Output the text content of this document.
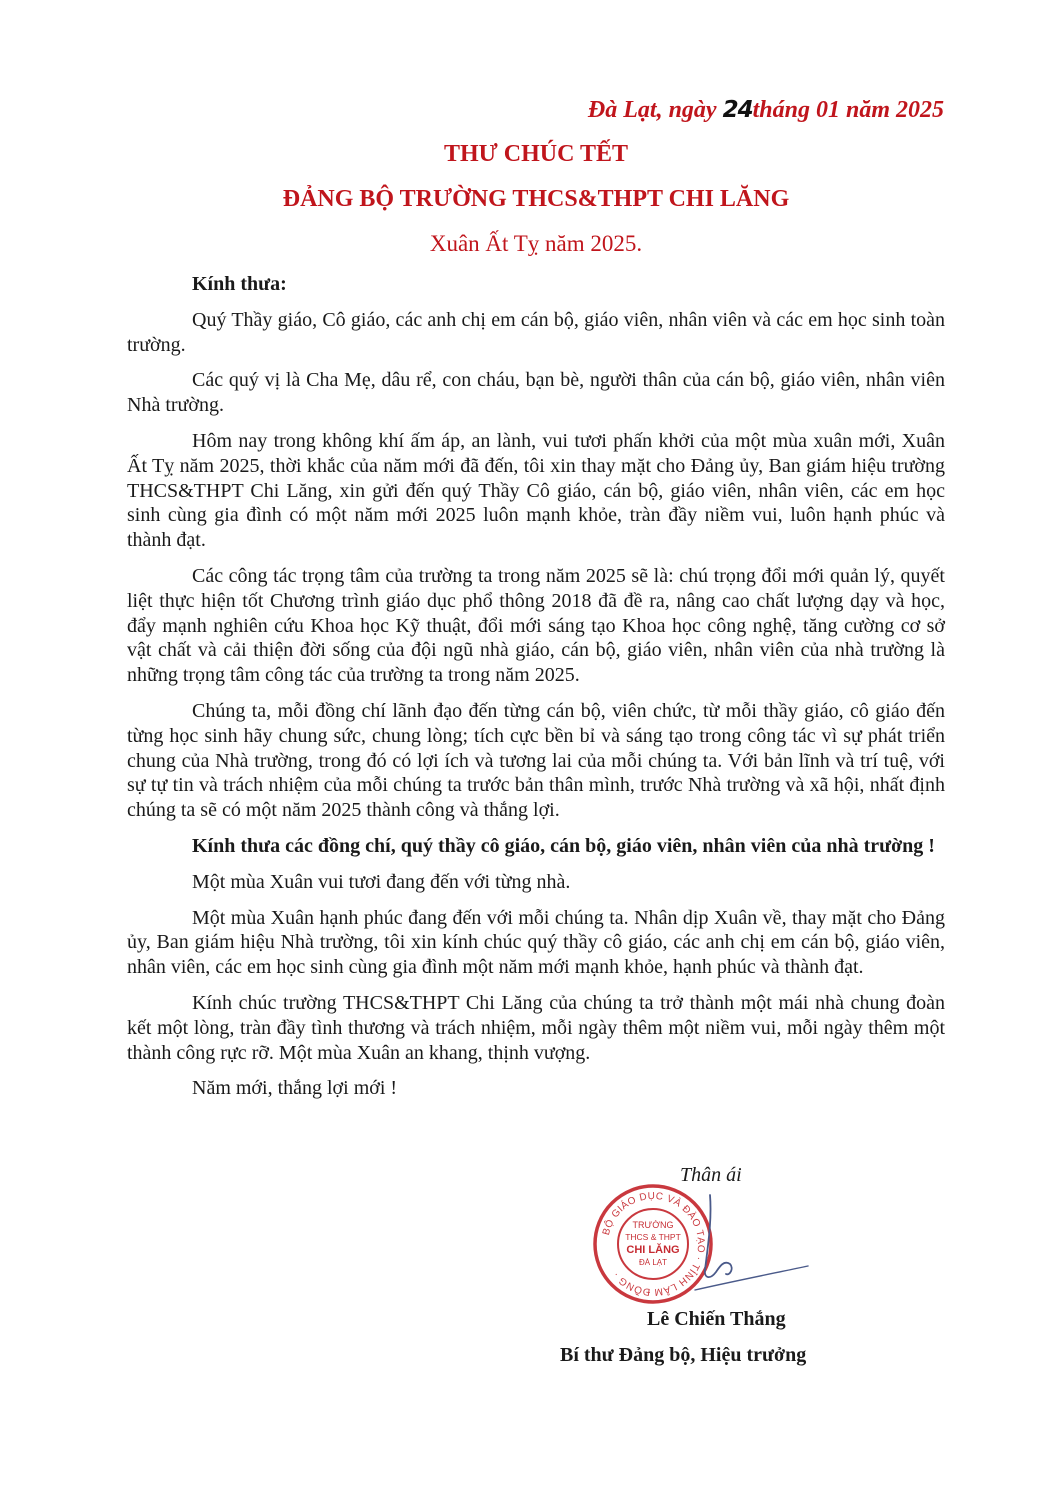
Đà Lạt, ngày 24tháng 01 năm 2025
THƯ CHÚC TẾT
ĐẢNG BỘ TRƯỜNG THCS&THPT CHI LĂNG
Xuân Ất Tỵ năm 2025.

Kính thưa:

Quý Thầy giáo, Cô giáo, các anh chị em cán bộ, giáo viên, nhân viên và các em học sinh toàn trường.

Các quý vị là Cha Mẹ, dâu rể, con cháu, bạn bè, người thân của cán bộ, giáo viên, nhân viên Nhà trường.

Hôm nay trong không khí ấm áp, an lành, vui tươi phấn khởi của một mùa xuân mới, Xuân Ất Tỵ năm 2025, thời khắc của năm mới đã đến, tôi xin thay mặt cho Đảng ủy, Ban giám hiệu trường THCS&THPT Chi Lăng, xin gửi đến quý Thầy Cô giáo, cán bộ, giáo viên, nhân viên, các em học sinh cùng gia đình có một năm mới 2025 luôn mạnh khỏe, tràn đầy niềm vui, luôn hạnh phúc và thành đạt.

Các công tác trọng tâm của trường ta trong năm 2025 sẽ là: chú trọng đổi mới quản lý, quyết liệt thực hiện tốt Chương trình giáo dục phổ thông 2018 đã đề ra, nâng cao chất lượng dạy và học, đẩy mạnh nghiên cứu Khoa học Kỹ thuật, đổi mới sáng tạo Khoa học công nghệ, tăng cường cơ sở vật chất và cải thiện đời sống của đội ngũ nhà giáo, cán bộ, giáo viên, nhân viên của nhà trường là những trọng tâm công tác của trường ta trong năm 2025.

Chúng ta, mỗi đồng chí lãnh đạo đến từng cán bộ, viên chức, từ mỗi thầy giáo, cô giáo đến từng học sinh hãy chung sức, chung lòng; tích cực bền bỉ và sáng tạo trong công tác vì sự phát triển chung của Nhà trường, trong đó có lợi ích và tương lai của mỗi chúng ta. Với bản lĩnh và trí tuệ, với sự tự tin và trách nhiệm của mỗi chúng ta trước bản thân mình, trước Nhà trường và xã hội, nhất định chúng ta sẽ có một năm 2025 thành công và thắng lợi.

Kính thưa các đồng chí, quý thầy cô giáo, cán bộ, giáo viên, nhân viên của nhà trường !

Một mùa Xuân vui tươi đang đến với từng nhà.

Một mùa Xuân hạnh phúc đang đến với mỗi chúng ta. Nhân dịp Xuân về, thay mặt cho Đảng ủy, Ban giám hiệu Nhà trường, tôi xin kính chúc quý thầy cô giáo, các anh chị em cán bộ, giáo viên, nhân viên, các em học sinh cùng gia đình một năm mới mạnh khỏe, hạnh phúc và thành đạt.

Kính chúc trường THCS&THPT Chi Lăng của chúng ta trở thành một mái nhà chung đoàn kết một lòng, tràn đầy tình thương và trách nhiệm, mỗi ngày thêm một niềm vui, mỗi ngày thêm một thành công rực rỡ. Một mùa Xuân an khang, thịnh vượng.

Năm mới, thắng lợi mới !

Thân ái
BỘ GIÁO DỤC VÀ ĐÀO TẠO · TỈNH LÂM ĐỒNG ·
TRƯỜNG
THCS & THPT
CHI LĂNG
ĐÀ LẠT
Lê Chiến Thắng
Bí thư Đảng bộ, Hiệu trưởng
